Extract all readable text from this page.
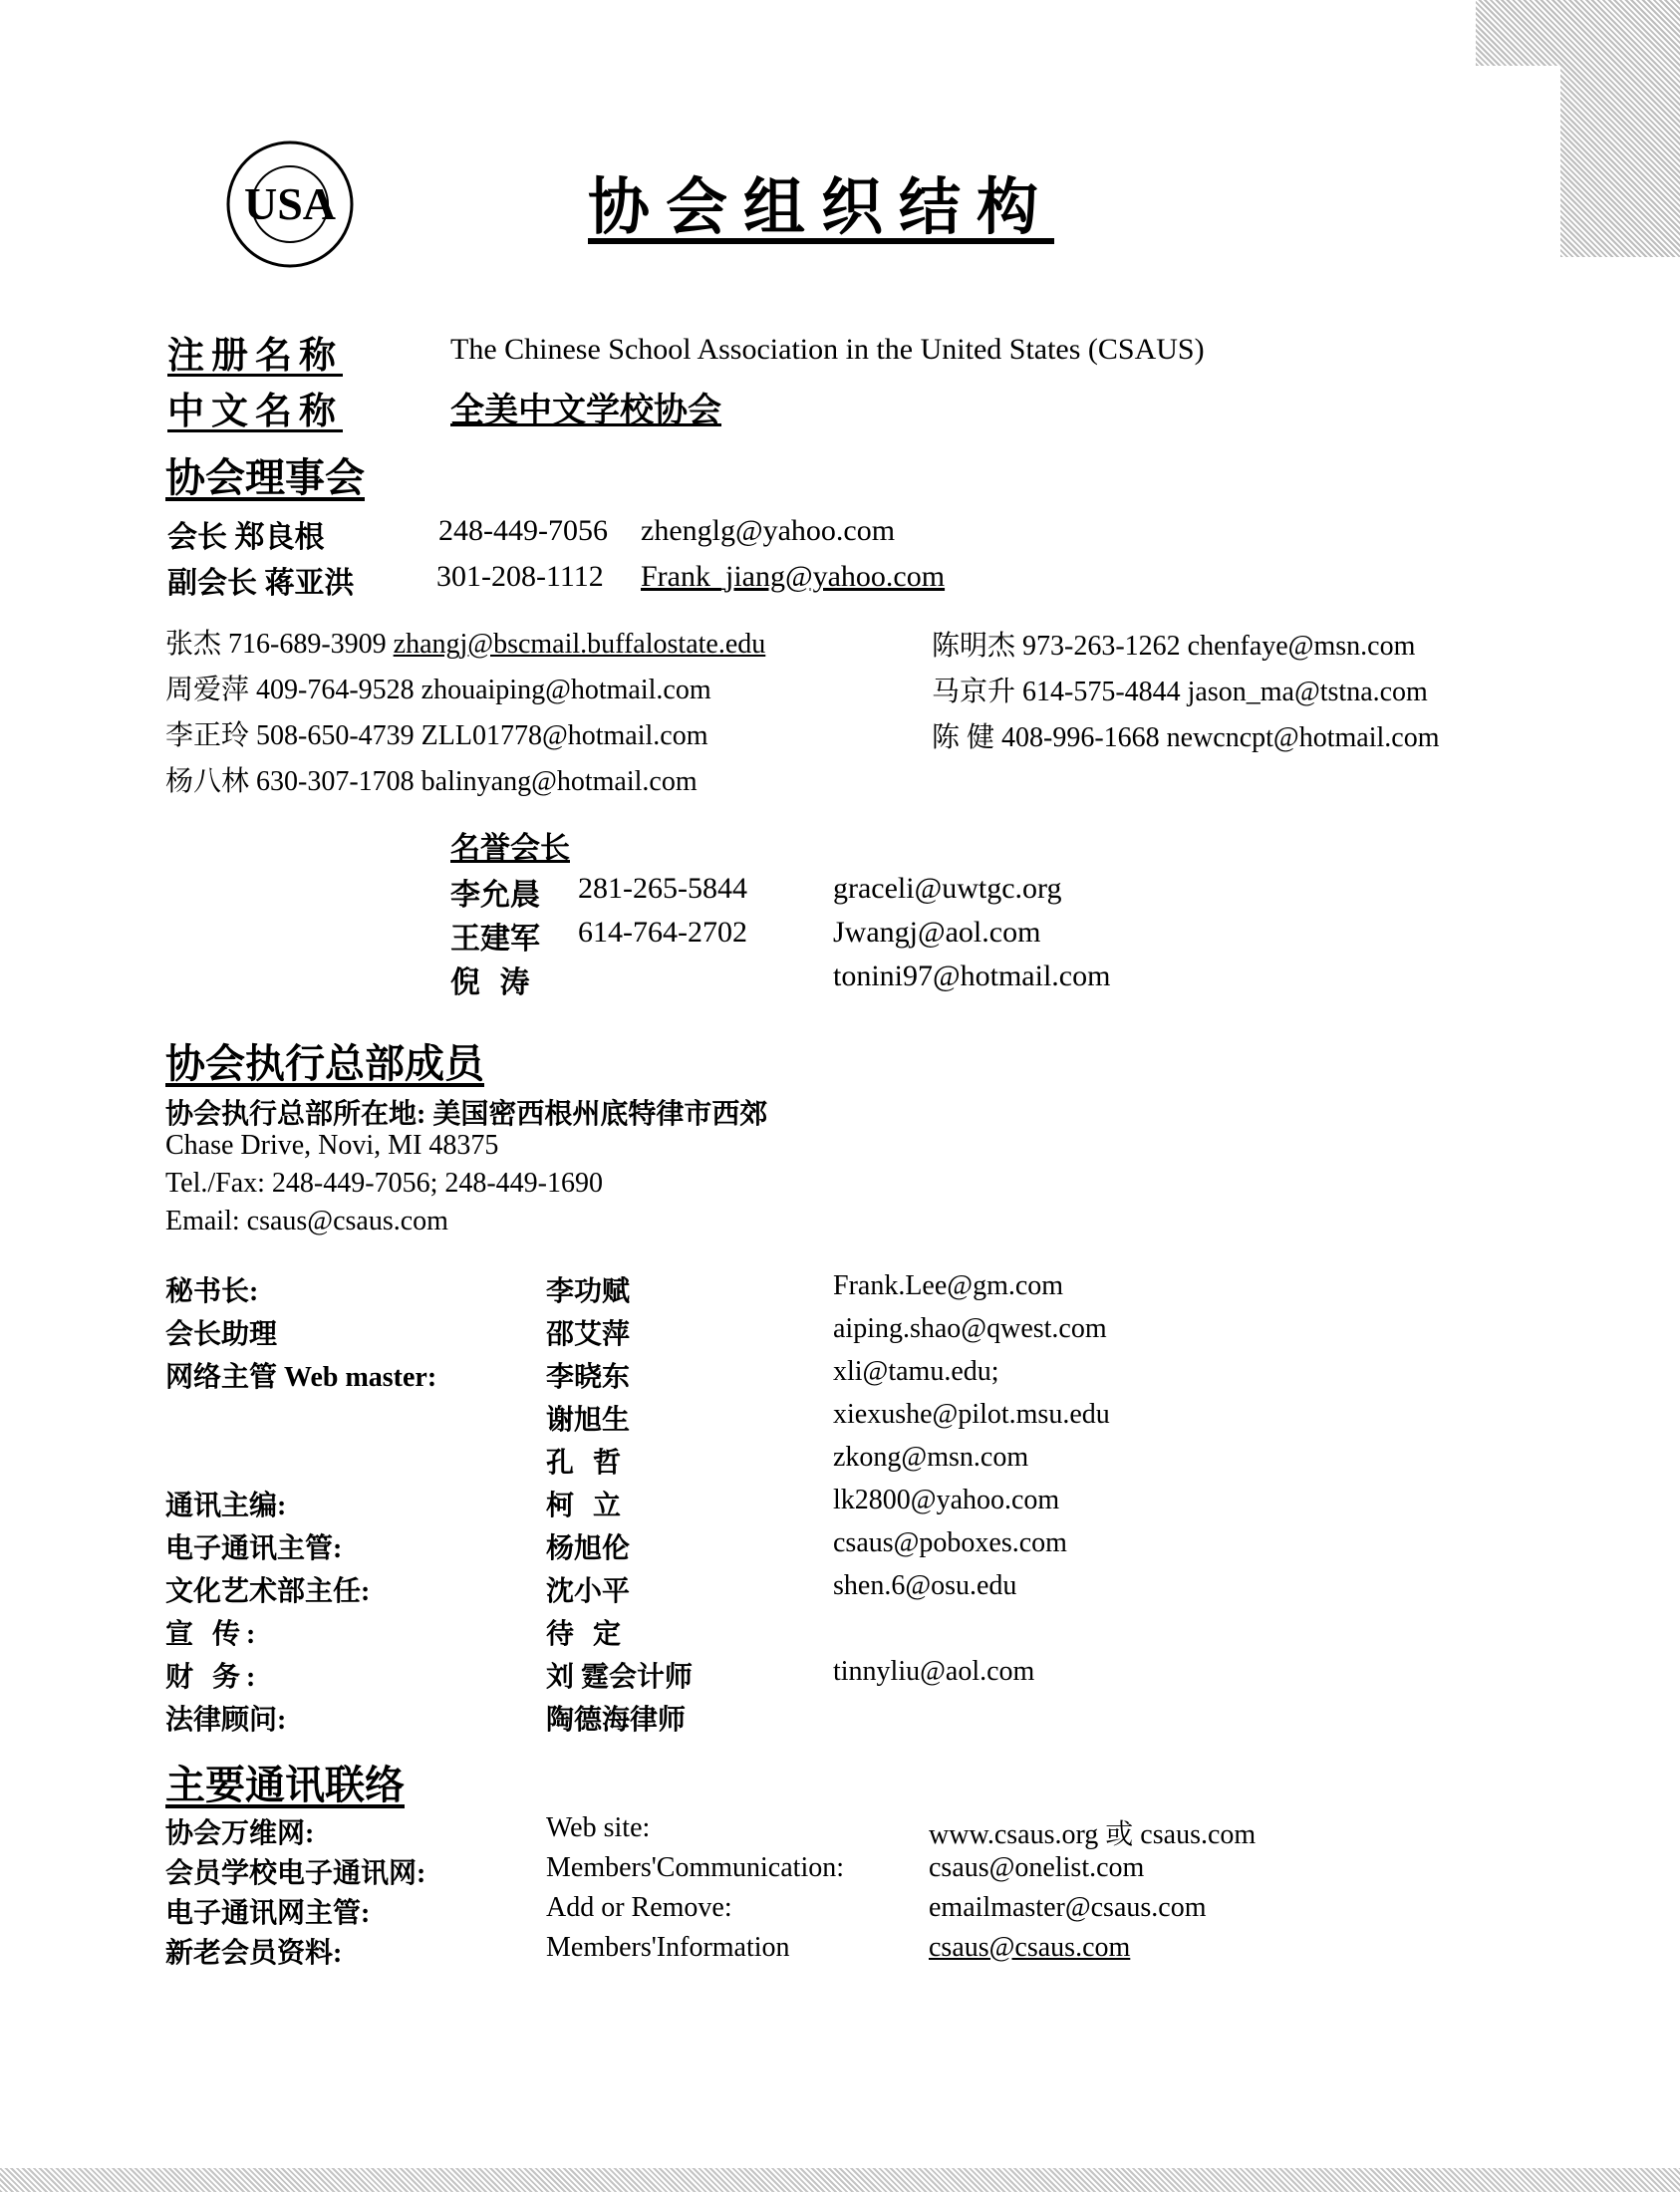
USA	协会组织结构
注册名称	The Chinese School Association in the United States (CSAUS)
中文名称	全美中文学校协会
协会理事会
会长 郑良根	248-449-7056 zhenglg@yahoo.com
副会长 蒋亚洪	301-208-1112 Frank_jiang@yahoo.com
张杰 716-689-3909 zhangj@bscmail.buffalostate.edu
周爱萍 409-764-9528 zhouaiping@hotmail.com
李正玲 508-650-4739 ZLL01778@hotmail.com
杨八林 630-307-1708 balinyang@hotmail.com
陈明杰 973-263-1262 chenfaye@msn.com
马京升 614-575-4844 jason_ma@tstna.com
陈 健 408-996-1668 newcncpt@hotmail.com
名誉会长
李允晨 281-265-5844	graceli@uwtgc.org
王建军 614-764-2702	Jwangj@aol.com
倪 涛	tonini97@hotmail.com
协会执行总部成员
协会执行总部所在地: 美国密西根州底特律市西郊
Chase Drive, Novi, MI 48375
Tel./Fax: 248-449-7056; 248-449-1690
Email: csaus@csaus.com
秘书长:	李功赋	Frank.Lee@gm.com
会长助理	邵艾萍	aiping.shao@qwest.com
网络主管 Web master:	李晓东	xli@tamu.edu;
谢旭生	xiexushe@pilot.msu.edu
孔 哲	zkong@msn.com
通讯主编:	柯 立	lk2800@yahoo.com
电子通讯主管:	杨旭伦	csaus@poboxes.com
文化艺术部主任:	沈小平	shen.6@osu.edu
宣 传:	待 定
财 务:	刘 霆会计师	tinnyliu@aol.com
法律顾问:	陶德海律师
主要通讯联络
协会万维网:	Web site:	www.csaus.org 或 csaus.com
会员学校电子通讯网:	Members'Communication:	csaus@onelist.com
电子通讯网主管:	Add or Remove:	emailmaster@csaus.com
新老会员资料:	Members'Information	csaus@csaus.com
